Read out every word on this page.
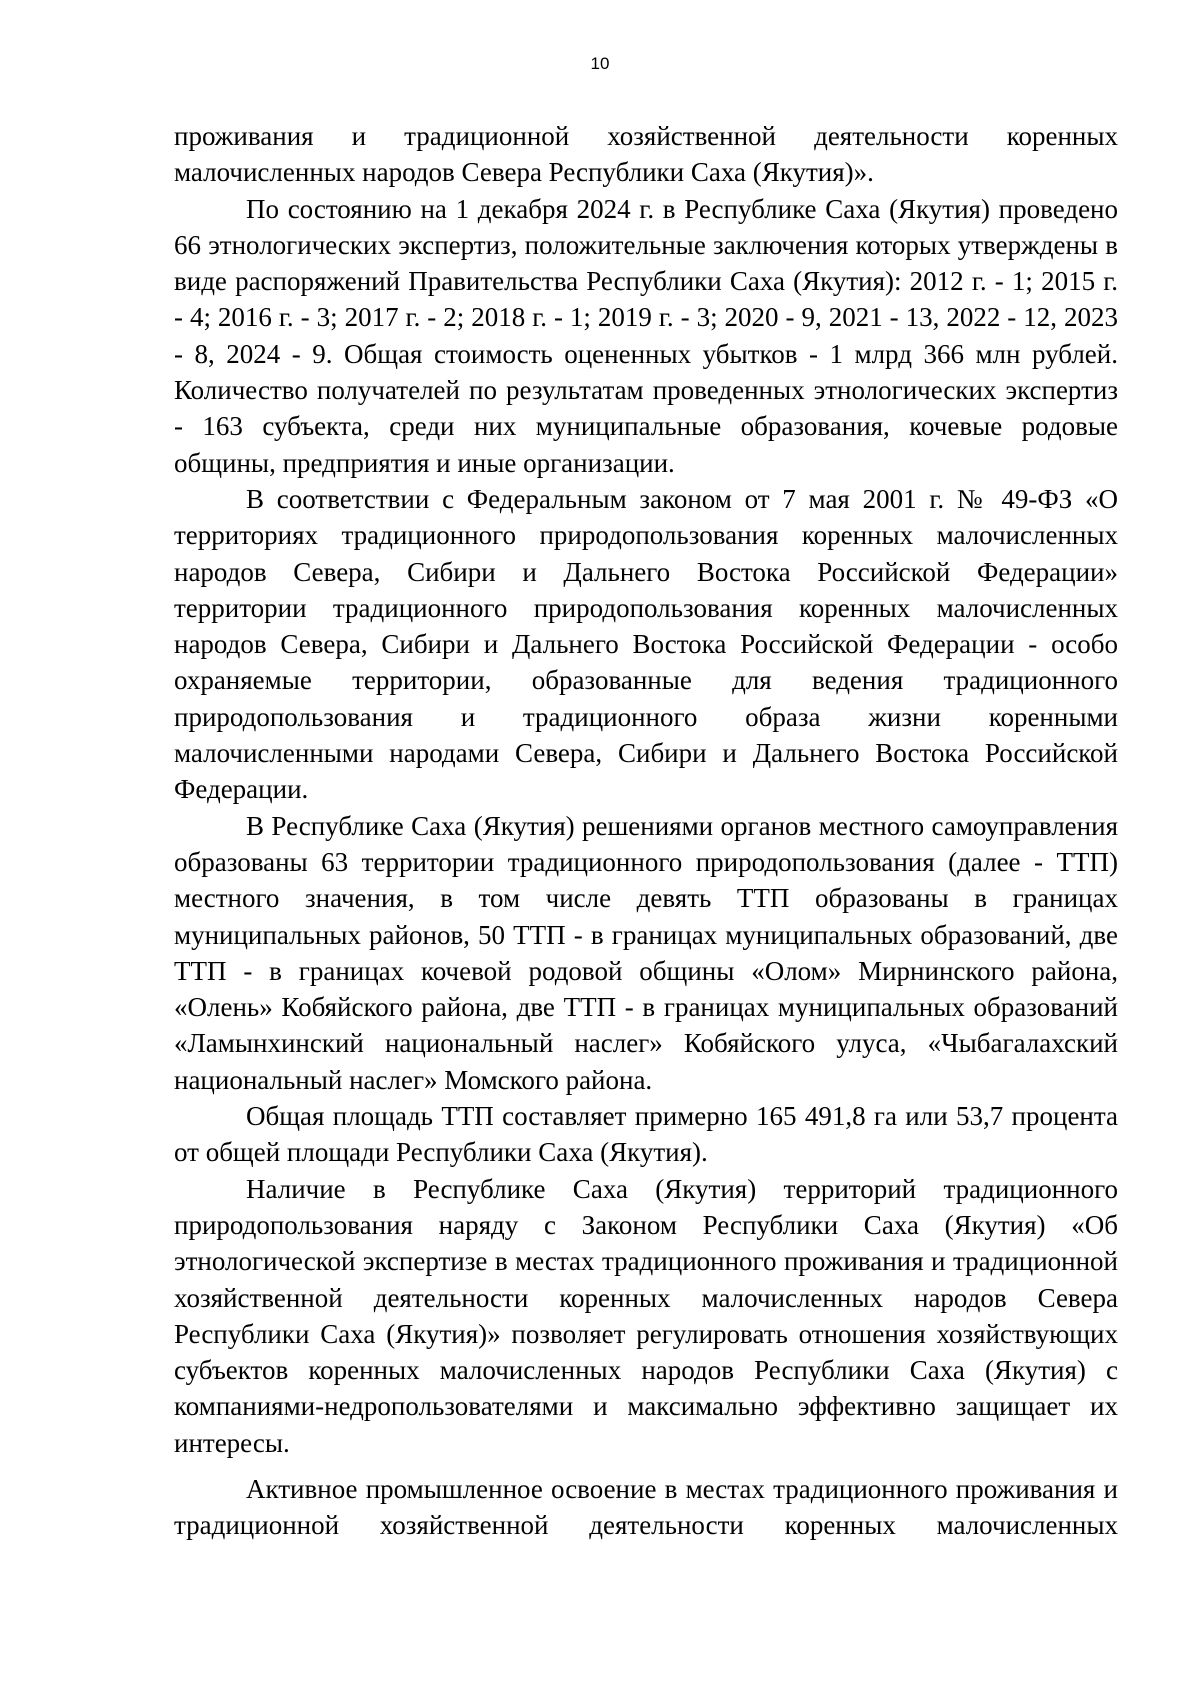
10

проживания и традиционной хозяйственной деятельности коренных малочисленных народов Севера Республики Саха (Якутия)».

По состоянию на 1 декабря 2024 г. в Республике Саха (Якутия) проведено 66 этнологических экспертиз, положительные заключения которых утверждены в виде распоряжений Правительства Республики Саха (Якутия): 2012 г. - 1; 2015 г. - 4; 2016 г. - 3; 2017 г. - 2; 2018 г. - 1; 2019 г. - 3; 2020 - 9, 2021 - 13, 2022 - 12, 2023 - 8, 2024 - 9. Общая стоимость оцененных убытков - 1 млрд 366 млн рублей. Количество получателей по результатам проведенных этнологических экспертиз - 163 субъекта, среди них муниципальные образования, кочевые родовые общины, предприятия и иные организации.

В соответствии с Федеральным законом от 7 мая 2001 г. № 49-ФЗ «О территориях традиционного природопользования коренных малочисленных народов Севера, Сибири и Дальнего Востока Российской Федерации» территории традиционного природопользования коренных малочисленных народов Севера, Сибири и Дальнего Востока Российской Федерации - особо охраняемые территории, образованные для ведения традиционного природопользования и традиционного образа жизни коренными малочисленными народами Севера, Сибири и Дальнего Востока Российской Федерации.

В Республике Саха (Якутия) решениями органов местного самоуправления образованы 63 территории традиционного природопользования (далее - ТТП) местного значения, в том числе девять ТТП образованы в границах муниципальных районов, 50 ТТП - в границах муниципальных образований, две ТТП - в границах кочевой родовой общины «Олом» Мирнинского района, «Олень» Кобяйского района, две ТТП - в границах муниципальных образований «Ламынхинский национальный наслег» Кобяйского улуса, «Чыбагалахский национальный наслег» Момского района.

Общая площадь ТТП составляет примерно 165 491,8 га или 53,7 процента от общей площади Республики Саха (Якутия).

Наличие в Республике Саха (Якутия) территорий традиционного природопользования наряду с Законом Республики Саха (Якутия) «Об этнологической экспертизе в местах традиционного проживания и традиционной хозяйственной деятельности коренных малочисленных народов Севера Республики Саха (Якутия)» позволяет регулировать отношения хозяйствующих субъектов коренных малочисленных народов Республики Саха (Якутия) с компаниями-недропользователями и максимально эффективно защищает их интересы.

Активное промышленное освоение в местах традиционного проживания и традиционной хозяйственной деятельности коренных малочисленных
